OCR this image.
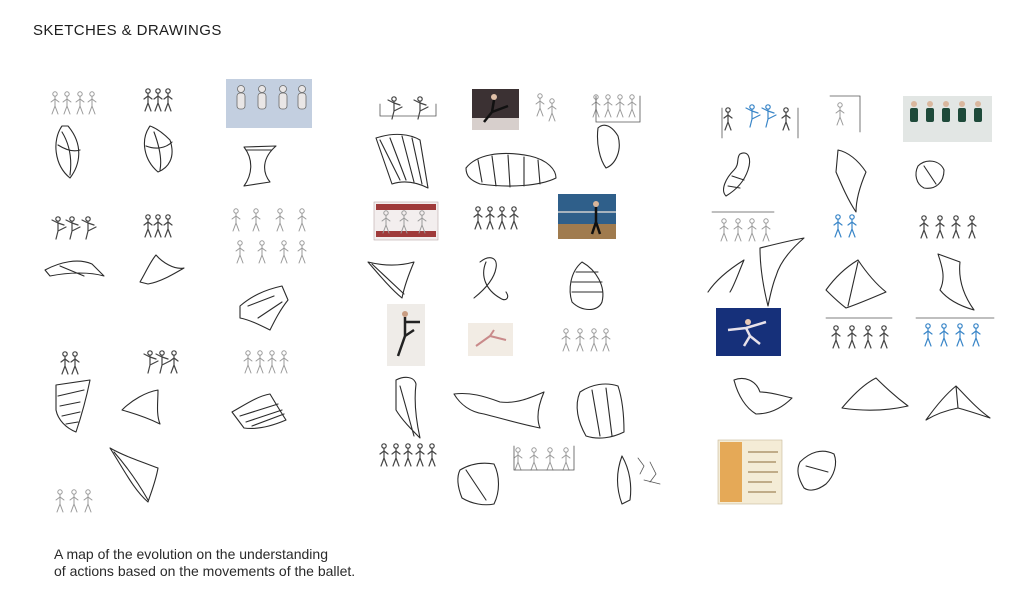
SKETCHES & DRAWINGS
A map of the evolution on the understanding
of actions based on the movements of the ballet.
